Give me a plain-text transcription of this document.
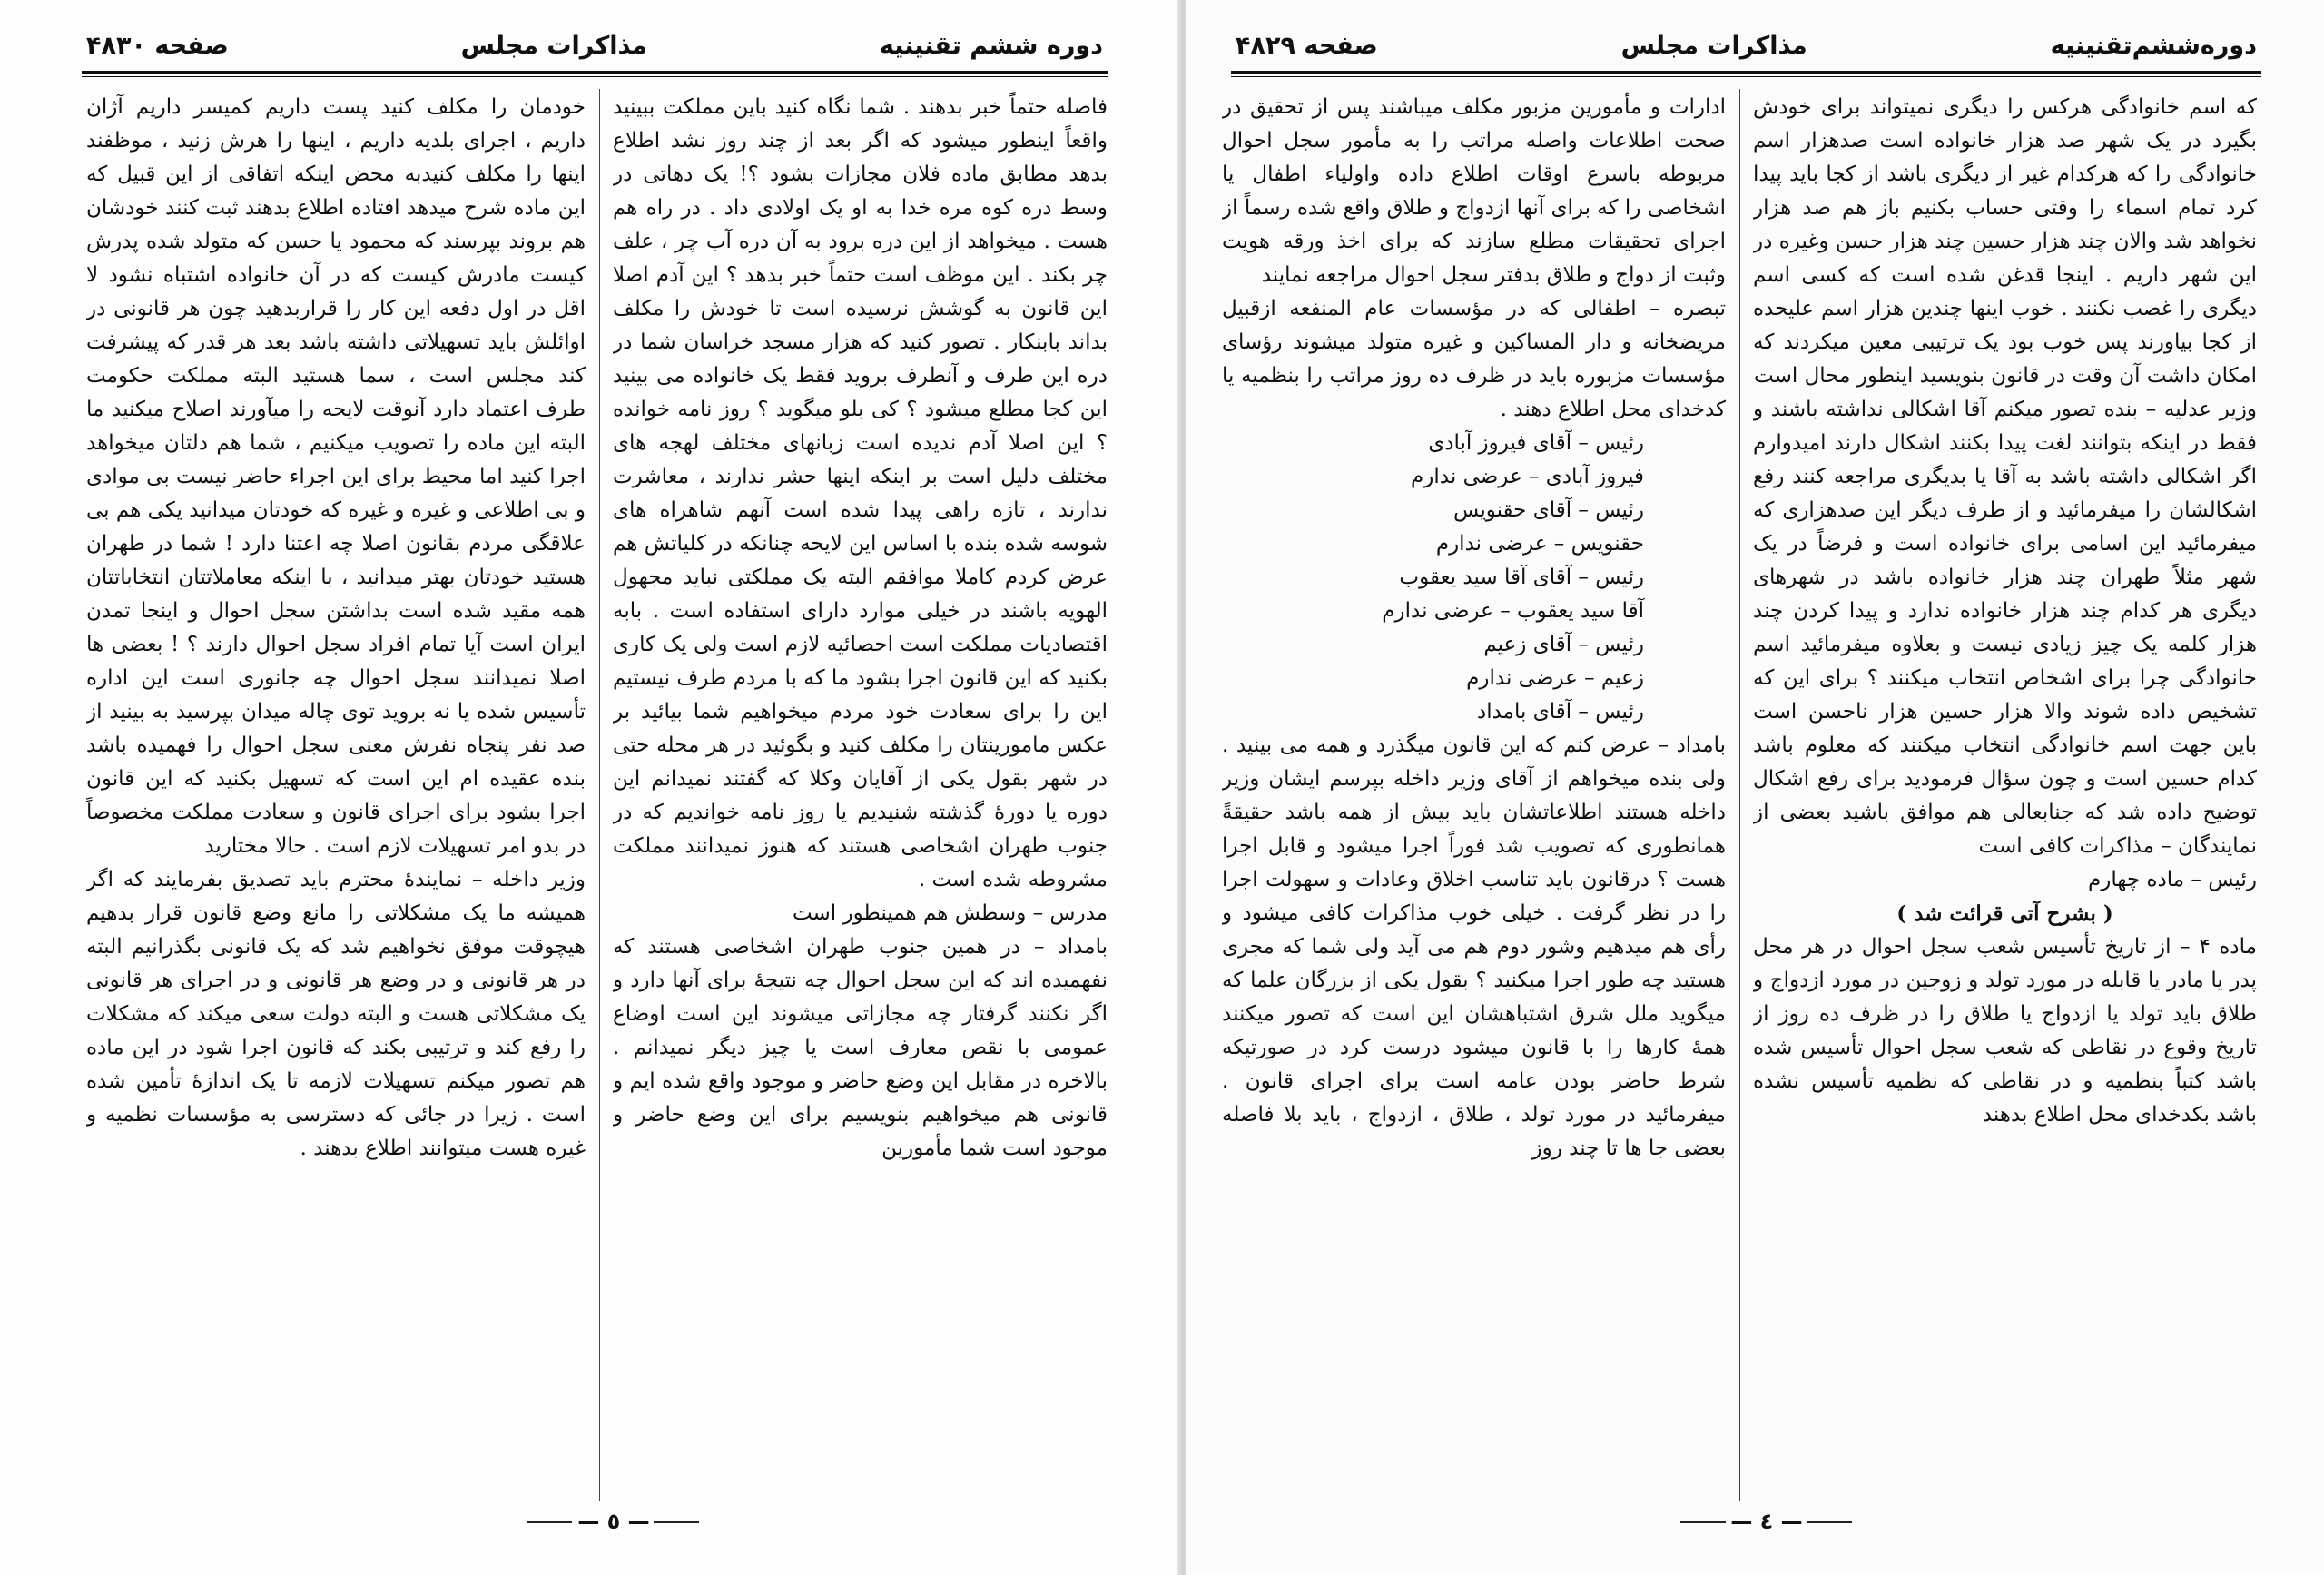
دوره ششم تقنینیه
مذاکرات مجلس
صفحه ۴۸۳۰

فاصله حتماً خبر بدهند . شما نگاه کنید باین مملکت ببینید واقعاً اینطور میشود که اگر بعد از چند روز نشد اطلاع بدهد مطابق ماده فلان مجازات بشود ؟! یک دهاتی در وسط دره کوه مره خدا به او یک اولادی داد . در راه هم هست . میخواهد از این دره برود به آن دره آب چر ، علف چر بکند . این موظف است حتماً خبر بدهد ؟ این آدم اصلا این قانون به گوشش نرسیده است تا خودش را مکلف بداند بابنکار . تصور کنید که هزار مسجد خراسان شما در دره این طرف و آنطرف بروید فقط یک خانواده می بینید این کجا مطلع میشود ؟ کی بلو میگوید ؟ روز نامه خوانده ؟ این اصلا آدم ندیده است زبانهای مختلف لهجه های مختلف دلیل است بر اینکه اینها حشر ندارند ، معاشرت ندارند ، تازه راهی پیدا شده است آنهم شاهراه های شوسه شده بنده با اساس این لایحه چنانکه در کلیاتش هم عرض کردم کاملا موافقم البته یک مملکتی نباید مجهول الهویه باشند در خیلی موارد دارای استفاده است . بابه اقتصادیات مملکت است احصائیه لازم است ولی یک کاری بکنید که این قانون اجرا بشود ما که با مردم طرف نیستیم این را برای سعادت خود مردم میخواهیم شما بیائید بر عکس مامورینتان را مکلف کنید و بگوئید در هر محله حتی در شهر بقول یکی از آقایان وکلا که گفتند نمیدانم این دوره یا دورهٔ گذشته شنیدیم یا روز نامه خواندیم که در جنوب طهران اشخاصی هستند که هنوز نمیدانند مملکت مشروطه شده است .

مدرس – وسطش هم همینطور است

بامداد – در همین جنوب طهران اشخاصی هستند که نفهمیده اند که این سجل احوال چه نتیجهٔ برای آنها دارد و اگر نکنند گرفتار چه مجازاتی میشوند این است اوضاع عمومی با نقص معارف است یا چیز دیگر نمیدانم . بالاخره در مقابل این وضع حاضر و موجود واقع شده ایم و قانونی هم میخواهیم بنویسیم برای این وضع حاضر و موجود است شما مأمورین

خودمان را مکلف کنید پست داریم کمیسر داریم آژان داریم ، اجرای بلدیه داریم ، اینها را هرش زنید ، موظفند اینها را مکلف کنیدبه محض اینکه اتفاقی از این قبیل که این ماده شرح میدهد افتاده اطلاع بدهند ثبت کنند خودشان هم بروند بپرسند که محمود یا حسن که متولد شده پدرش کیست مادرش کیست که در آن خانواده اشتباه نشود لا اقل در اول دفعه این کار را قراربدهید چون هر قانونی در اوائلش باید تسهیلاتی داشته باشد بعد هر قدر که پیشرفت کند مجلس است ، سما هستید البته مملکت حکومت طرف اعتماد دارد آنوقت لایحه را میآورند اصلاح میکنید ما البته این ماده را تصویب میکنیم ، شما هم دلتان میخواهد اجرا کنید اما محیط برای این اجراء حاضر نیست بی موادی و بی اطلاعی و غیره و غیره که خودتان میدانید یکی هم بی علاقگی مردم بقانون اصلا چه اعتنا دارد ! شما در طهران هستید خودتان بهتر میدانید ، با اینکه معاملاتتان انتخاباتتان همه مقید شده است بداشتن سجل احوال و اینجا تمدن ایران است آیا تمام افراد سجل احوال دارند ؟ ! بعضی ها اصلا نمیدانند سجل احوال چه جانوری است این اداره تأسیس شده یا نه بروید توی چاله میدان بپرسید به بینید از صد نفر پنجاه نفرش معنی سجل احوال را فهمیده باشد بنده عقیده ام این است که تسهیل بکنید که این قانون اجرا بشود برای اجرای قانون و سعادت مملکت مخصوصاً در بدو امر تسهیلات لازم است . حالا مختارید

وزیر داخله – نمایندهٔ محترم باید تصدیق بفرمایند که اگر همیشه ما یک مشکلاتی را مانع وضع قانون قرار بدهیم هیچوقت موفق نخواهیم شد که یک قانونی بگذرانیم البته در هر قانونی و در وضع هر قانونی و در اجرای هر قانونی یک مشکلاتی هست و البته دولت سعی میکند که مشکلات را رفع کند و ترتیبی بکند که قانون اجرا شود در این ماده هم تصور میکنم تسهیلات لازمه تا یک اندازهٔ تأمین شده است . زیرا در جائی که دسترسی به مؤسسات نظمیه و غیره هست میتوانند اطلاع بدهند .

— ٥ —
دوره‌ششم‌تقنینیه
مذاکرات مجلس
صفحه ۴۸۲۹

که اسم خانوادگی هرکس را دیگری نمیتواند برای خودش بگیرد در یک شهر صد هزار خانواده است صدهزار اسم خانوادگی را که هرکدام غیر از دیگری باشد از کجا باید پیدا کرد تمام اسماء را وقتی حساب بکنیم باز هم صد هزار نخواهد شد والان چند هزار حسین چند هزار حسن وغیره در این شهر داریم . اینجا قدغن شده است که کسی اسم دیگری را غصب نکنند . خوب اینها چندین هزار اسم علیحده از کجا بیاورند پس خوب بود یک ترتیبی معین میکردند که امکان داشت آن وقت در قانون بنویسید اینطور محال است

وزیر عدلیه – بنده تصور میکنم آقا اشکالی نداشته باشند و فقط در اینکه بتوانند لغت پیدا بکنند اشکال دارند امیدوارم اگر اشکالی داشته باشد به آقا یا بدیگری مراجعه کنند رفع اشکالشان را میفرمائید و از طرف دیگر این صدهزاری که میفرمائید این اسامی برای خانواده است و فرضاً در یک شهر مثلاً طهران چند هزار خانواده باشد در شهرهای دیگری هر کدام چند هزار خانواده ندارد و پیدا کردن چند هزار کلمه یک چیز زیادی نیست و بعلاوه میفرمائید اسم خانوادگی چرا برای اشخاص انتخاب میکنند ؟ برای این که تشخیص داده شوند والا هزار حسین هزار ناحسن است باین جهت اسم خانوادگی انتخاب میکنند که معلوم باشد کدام حسین است و چون سؤال فرمودید برای رفع اشکال توضیح داده شد که جنابعالی هم موافق باشید بعضی از نمایندگان – مذاکرات کافی است

رئیس – ماده چهارم

( بشرح آتی قرائت شد )

ماده ۴ – از تاریخ تأسیس شعب سجل احوال در هر محل پدر یا مادر یا قابله در مورد تولد و زوجین در مورد ازدواج و طلاق باید تولد یا ازدواج یا طلاق را در ظرف ده روز از تاریخ وقوع در نقاطی که شعب سجل احوال تأسیس شده باشد کتباً بنظمیه و در نقاطی که نظمیه تأسیس نشده باشد بکدخدای محل اطلاع بدهند

ادارات و مأمورین مزبور مکلف میباشند پس از تحقیق در صحت اطلاعات واصله مراتب را به مأمور سجل احوال مربوطه باسرع اوقات اطلاع داده واولیاء اطفال یا اشخاصی را که برای آنها ازدواج و طلاق واقع شده رسماً از اجرای تحقیقات مطلع سازند که برای اخذ ورقه هویت وثبت از دواج و طلاق بدفتر سجل احوال مراجعه نمایند

تبصره – اطفالی که در مؤسسات عام المنفعه ازقبیل مریضخانه و دار المساکین و غیره متولد میشوند رؤسای مؤسسات مزبوره باید در ظرف ده روز مراتب را بنظمیه یا کدخدای محل اطلاع دهند .

رئیس – آقای فیروز آبادی

فیروز آبادی – عرضی ندارم

رئیس – آقای حقنویس

حقنویس – عرضی ندارم

رئیس – آقای آقا سید یعقوب

آقا سید یعقوب – عرضی ندارم

رئیس – آقای زعیم

زعیم – عرضی ندارم

رئیس – آقای بامداد

بامداد – عرض کنم که این قانون میگذرد و همه می بینید . ولی بنده میخواهم از آقای وزیر داخله بپرسم ایشان وزیر داخله هستند اطلاعاتشان باید بیش از همه باشد حقیقةً همانطوری که تصویب شد فوراً اجرا میشود و قابل اجرا هست ؟ درقانون باید تناسب اخلاق وعادات و سهولت اجرا را در نظر گرفت . خیلی خوب مذاکرات کافی میشود و رأی هم میدهیم وشور دوم هم می آید ولی شما که مجری هستید چه طور اجرا میکنید ؟ بقول یکی از بزرگان علما که میگوید ملل شرق اشتباهشان این است که تصور میکنند همهٔ کارها را با قانون میشود درست کرد در صورتیکه شرط حاضر بودن عامه است برای اجرای قانون . میفرمائید در مورد تولد ، طلاق ، ازدواج ، باید بلا فاصله بعضی جا ها تا چند روز

— ٤ —
